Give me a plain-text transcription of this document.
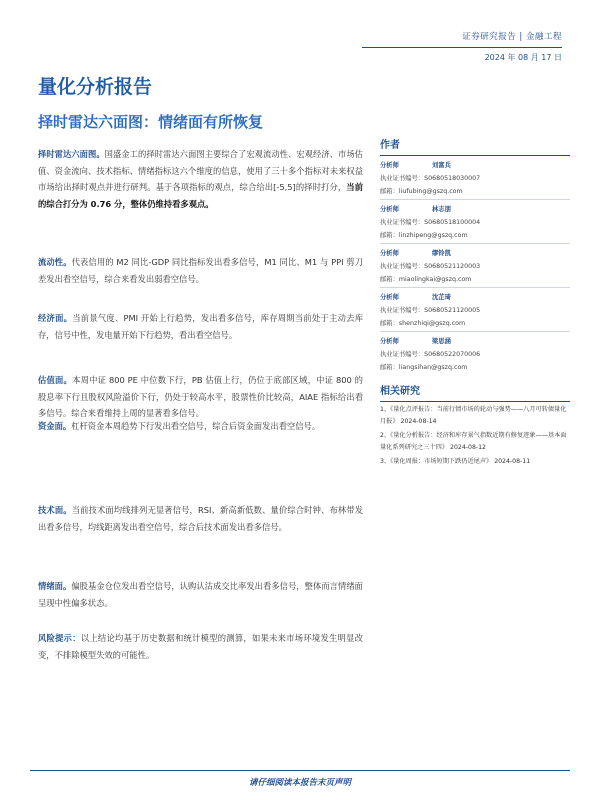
证券研究报告 | 金融工程
2024 年 08 月 17 日
量化分析报告
择时雷达六面图：情绪面有所恢复

择时雷达六面图。国盛金工的择时雷达六面图主要综合了宏观流动性、宏观经济、市场估值、资金流向、技术指标、情绪指标这六个维度的信息，使用了三十多个指标对未来权益市场给出择时观点并进行研判。基于各项指标的观点，综合给出[-5,5]的择时打分，当前的综合打分为 0.76 分，整体仍维持看多观点。

流动性。代表信用的 M2 同比-GDP 同比指标发出看多信号，M1 同比、M1 与 PPI 剪刀差发出看空信号，综合来看发出弱看空信号。

经济面。当前景气度、PMI 开始上行趋势，发出看多信号，库存周期当前处于主动去库存，信号中性，发电量开始下行趋势，看出看空信号。

估值面。本周中证 800 PE 中位数下行，PB 估值上行，仍位于底部区域，中证 800 的股息率下行且股权风险溢价下行，仍处于较高水平，股票性价比较高，AIAE 指标给出看多信号。综合来看维持上周的显著看多信号。

资金面。杠杆资金本周趋势下行发出看空信号，综合后资金面发出看空信号。

技术面。当前技术面均线排列无显著信号，RSI、新高新低数、量价综合时钟、布林带发出看多信号，均线距离发出看空信号，综合后技术面发出看多信号。

情绪面。偏股基金仓位发出看空信号，认购认沽成交比率发出看多信号，整体而言情绪面呈现中性偏多状态。

风险提示：以上结论均基于历史数据和统计模型的测算，如果未来市场环境发生明显改变，不排除模型失效的可能性。

作者
分析师	刘富兵
执业证书编号：S0680518030007
邮箱：liufubing@gszq.com
分析师	林志朋
执业证书编号：S0680518100004
邮箱：linzhipeng@gszq.com
分析师	缪铃凯
执业证书编号：S0680521120003
邮箱：miaolingkai@gszq.com
分析师	沈芷琦
执业证书编号：S0680521120005
邮箱：shenzhiqi@gszq.com
分析师	梁思涵
执业证书编号：S0680522070006
邮箱：liangsihan@gszq.com
相关研究
1、《量化点评报告：当前行情市场的轮动与强势——八月可转债量化月报》 2024-08-14
2、《量化分析报告：经济和库存景气指数近期有修复迹象——基本面量化系列研究之三十四》 2024-08-12
3、《量化周报：市场短期下跌仍近尾声》 2024-08-11
请仔细阅读本报告末页声明
